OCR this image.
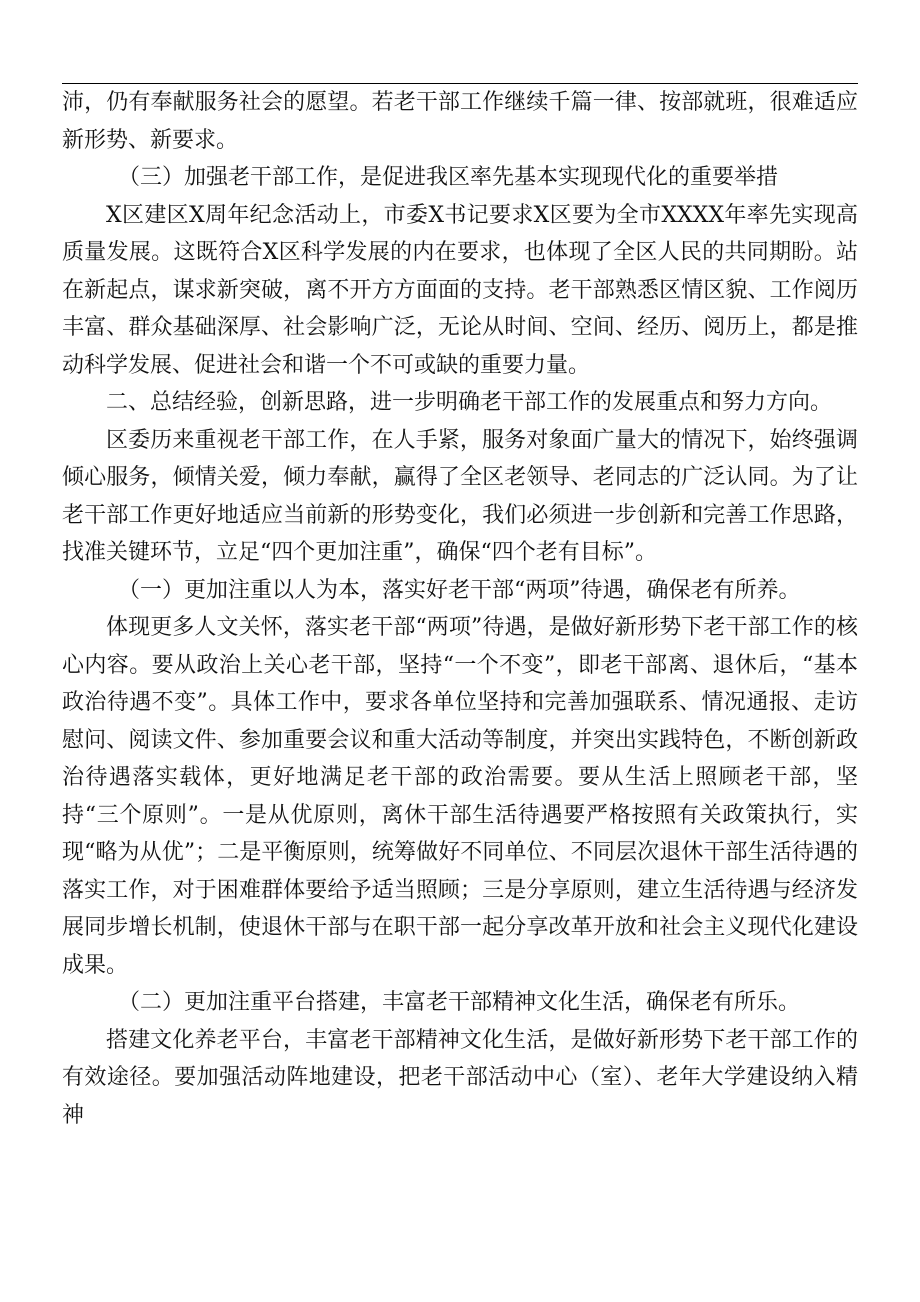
沛，仍有奉献服务社会的愿望。若老干部工作继续千篇一律、按部就班，很难适应新形势、新要求。

（三）加强老干部工作，是促进我区率先基本实现现代化的重要举措

X区建区X周年纪念活动上，市委X书记要求X区要为全市XXXX年率先实现高质量发展。这既符合X区科学发展的内在要求，也体现了全区人民的共同期盼。站在新起点，谋求新突破，离不开方方面面的支持。老干部熟悉区情区貌、工作阅历丰富、群众基础深厚、社会影响广泛，无论从时间、空间、经历、阅历上，都是推动科学发展、促进社会和谐一个不可或缺的重要力量。

二、总结经验，创新思路，进一步明确老干部工作的发展重点和努力方向。

区委历来重视老干部工作，在人手紧，服务对象面广量大的情况下，始终强调倾心服务，倾情关爱，倾力奉献，赢得了全区老领导、老同志的广泛认同。为了让老干部工作更好地适应当前新的形势变化，我们必须进一步创新和完善工作思路，找准关键环节，立足“四个更加注重”，确保“四个老有目标”。

（一）更加注重以人为本，落实好老干部“两项”待遇，确保老有所养。

体现更多人文关怀，落实老干部“两项”待遇，是做好新形势下老干部工作的核心内容。要从政治上关心老干部，坚持“一个不变”，即老干部离、退休后，“基本政治待遇不变”。具体工作中，要求各单位坚持和完善加强联系、情况通报、走访慰问、阅读文件、参加重要会议和重大活动等制度，并突出实践特色，不断创新政治待遇落实载体，更好地满足老干部的政治需要。要从生活上照顾老干部，坚持“三个原则”。一是从优原则，离休干部生活待遇要严格按照有关政策执行，实现“略为从优”；二是平衡原则，统筹做好不同单位、不同层次退休干部生活待遇的落实工作，对于困难群体要给予适当照顾；三是分享原则，建立生活待遇与经济发展同步增长机制，使退休干部与在职干部一起分享改革开放和社会主义现代化建设成果。

（二）更加注重平台搭建，丰富老干部精神文化生活，确保老有所乐。

搭建文化养老平台，丰富老干部精神文化生活，是做好新形势下老干部工作的有效途径。要加强活动阵地建设，把老干部活动中心（室）、老年大学建设纳入精神
